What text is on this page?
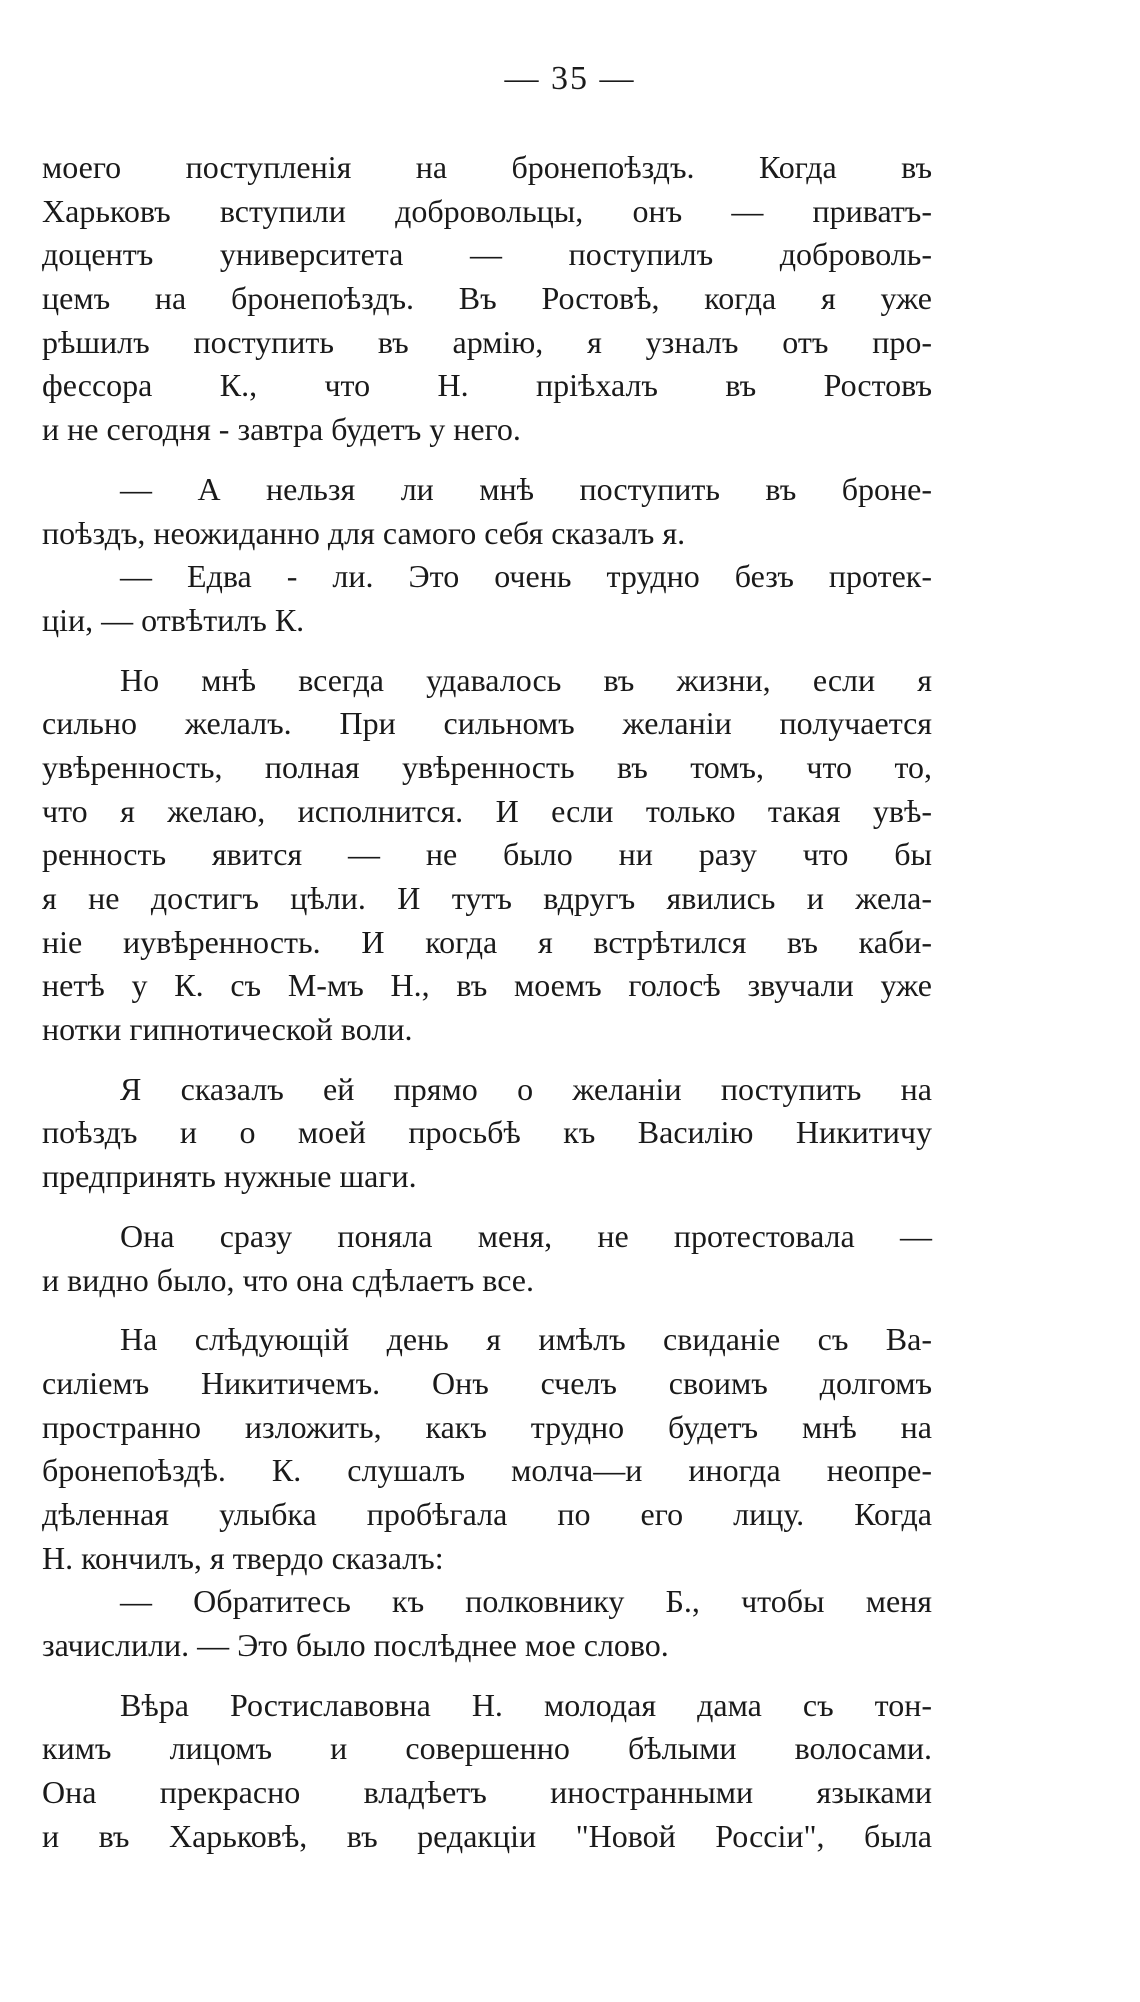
— 35 —
моего поступленія на бронепоѣздъ. Когда въ
Харьковъ вступили добровольцы, онъ — приватъ-
доцентъ университета — поступилъ доброволь-
цемъ на бронепоѣздъ. Въ Ростовѣ, когда я уже
рѣшилъ поступить въ армію, я узналъ отъ про-
фессора К., что Н. пріѣхалъ въ Ростовъ
и не сегодня - завтра будетъ у него.
— А нельзя ли мнѣ поступить въ броне-
поѣздъ, неожиданно для самого себя сказалъ я.
— Едва - ли. Это очень трудно безъ протек-
ціи, — отвѣтилъ К.
Но мнѣ всегда удавалось въ жизни, если я
сильно желалъ. При сильномъ желаніи получается
увѣренность, полная увѣренность въ томъ, что то,
что я желаю, исполнится. И если только такая увѣ-
ренность явится — не было ни разу что бы
я не достигъ цѣли. И тутъ вдругъ явились и жела-
ніе иувѣренность. И когда я встрѣтился въ каби-
нетѣ у К. съ М-мъ Н., въ моемъ голосѣ звучали уже
нотки гипнотической воли.
Я сказалъ ей прямо о желаніи поступить на
поѣздъ и о моей просьбѣ къ Василію Никитичу
предпринять нужные шаги.
Она сразу поняла меня, не протестовала —
и видно было, что она сдѣлаетъ все.
На слѣдующій день я имѣлъ свиданіе съ Ва-
силіемъ Никитичемъ. Онъ счелъ своимъ долгомъ
пространно изложить, какъ трудно будетъ мнѣ на
бронепоѣздѣ. К. слушалъ молча—и иногда неопре-
дѣленная улыбка пробѣгала по его лицу. Когда
Н. кончилъ, я твердо сказалъ:
— Обратитесь къ полковнику Б., чтобы меня
зачислили. — Это было послѣднее мое слово.
Вѣра Ростиславовна Н. молодая дама съ тон-
кимъ лицомъ и совершенно бѣлыми волосами.
Она прекрасно владѣетъ иностранными языками
и въ Харьковѣ, въ редакціи "Новой Россіи", была
